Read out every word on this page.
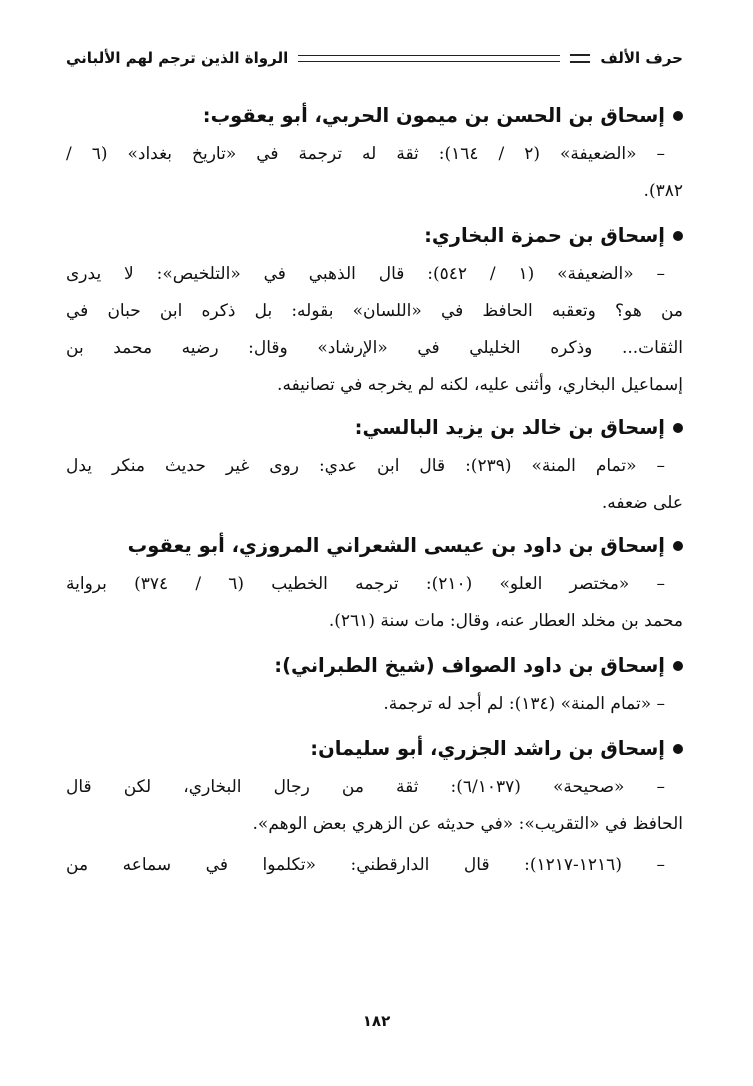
حرف الألف
الرواة الذين ترجم لهم الألباني
إسحاق بن الحسن بن ميمون الحربي، أبو يعقوب:
– «الضعيفة» (٢ / ١٦٤): ثقة له ترجمة في «تاريخ بغداد» (٦ /
٣٨٢).
إسحاق بن حمزة البخاري:
– «الضعيفة» (١ / ٥٤٢): قال الذهبي في «التلخيص»: لا يدرى
من هو؟ وتعقبه الحافظ في «اللسان» بقوله: بل ذكره ابن حبان في
الثقات... وذكره الخليلي في «الإرشاد» وقال: رضيه محمد بن
إسماعيل البخاري، وأثنى عليه، لكنه لم يخرجه في تصانيفه.
إسحاق بن خالد بن يزيد البالسي:
– «تمام المنة» (٢٣٩): قال ابن عدي: روى غير حديث منكر يدل
على ضعفه.
إسحاق بن داود بن عيسى الشعراني المروزي، أبو يعقوب
– «مختصر العلو» (٢١٠): ترجمه الخطيب (٦ / ٣٧٤) برواية
محمد بن مخلد العطار عنه، وقال: مات سنة (٢٦١).
إسحاق بن داود الصواف (شيخ الطبراني):
– «تمام المنة» (١٣٤): لم أجد له ترجمة.
إسحاق بن راشد الجزري، أبو سليمان:
– «صحيحة» (٦/١٠٣٧): ثقة من رجال البخاري، لكن قال
الحافظ في «التقريب»: «في حديثه عن الزهري بعض الوهم».
– (١٢١٦-١٢١٧): قال الدارقطني: «تكلموا في سماعه من
١٨٢
